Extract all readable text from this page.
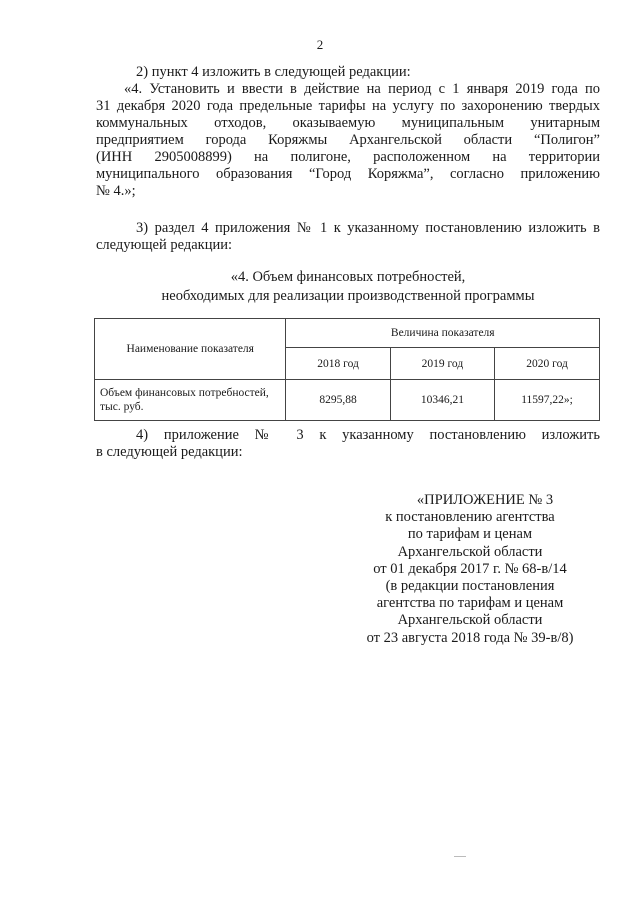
2

2) пункт 4 изложить в следующей редакции:

«4. Установить и ввести в действие на период с 1 января 2019 года по
31 декабря 2020 года предельные тарифы на услугу по захоронению твердых
коммунальных отходов, оказываемую муниципальным унитарным
предприятием города Коряжмы Архангельской области “Полигон”
(ИНН 2905008899) на полигоне, расположенном на территории
муниципального образования “Город Коряжма”, согласно приложению
№ 4.»;
3) раздел 4 приложения № 1 к указанному постановлению изложить в
следующей редакции:
«4. Объем финансовых потребностей,
необходимых для реализации производственной программы
Наименование показателя	Величина показателя		
	2018 год	2019 год	2020 год
Объем финансовых потребностей, тыс. руб.	8295,88	10346,21	11597,22»;
4) приложение № 3 к указанному постановлению изложить
в следующей редакции:
«ПРИЛОЖЕНИЕ № 3
к постановлению агентства
по тарифам и ценам
Архангельской области
от 01 декабря 2017 г. № 68-в/14
(в редакции постановления
агентства по тарифам и ценам
Архангельской области
от 23 августа 2018 года № 39-в/8)
